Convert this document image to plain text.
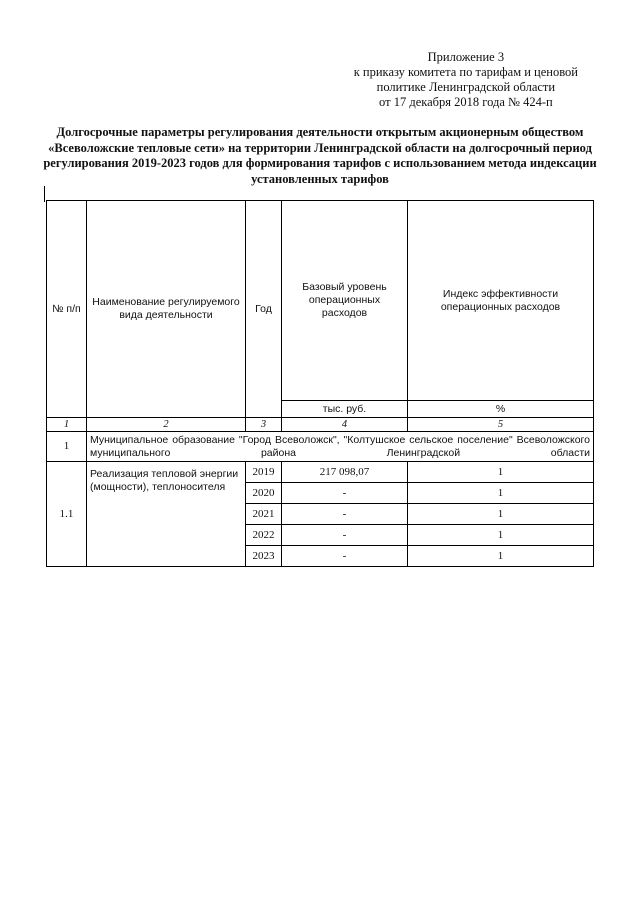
Приложение 3
к приказу комитета по тарифам и ценовой
политике Ленинградской области
от 17 декабря 2018 года № 424-п
Долгосрочные параметры регулирования деятельности открытым акционерным обществом «Всеволожские тепловые сети» на территории Ленинградской области на долгосрочный период регулирования 2019-2023 годов для формирования тарифов с использованием метода индексации установленных тарифов
№ п/п	Наименование регулируемого вида деятельности	Год	Базовый уровень операционных расходов	Индекс эффективности операционных расходов
			тыс. руб.	%
1	2	3	4	5
1	Муниципальное образование "Город Всеволожск", "Колтушское сельское поселение" Всеволожского муниципального района Ленинградской области			
1.1	Реализация тепловой энергии (мощности), теплоносителя	2019	217 098,07	1
		2020	-	1
		2021	-	1
		2022	-	1
		2023	-	1
